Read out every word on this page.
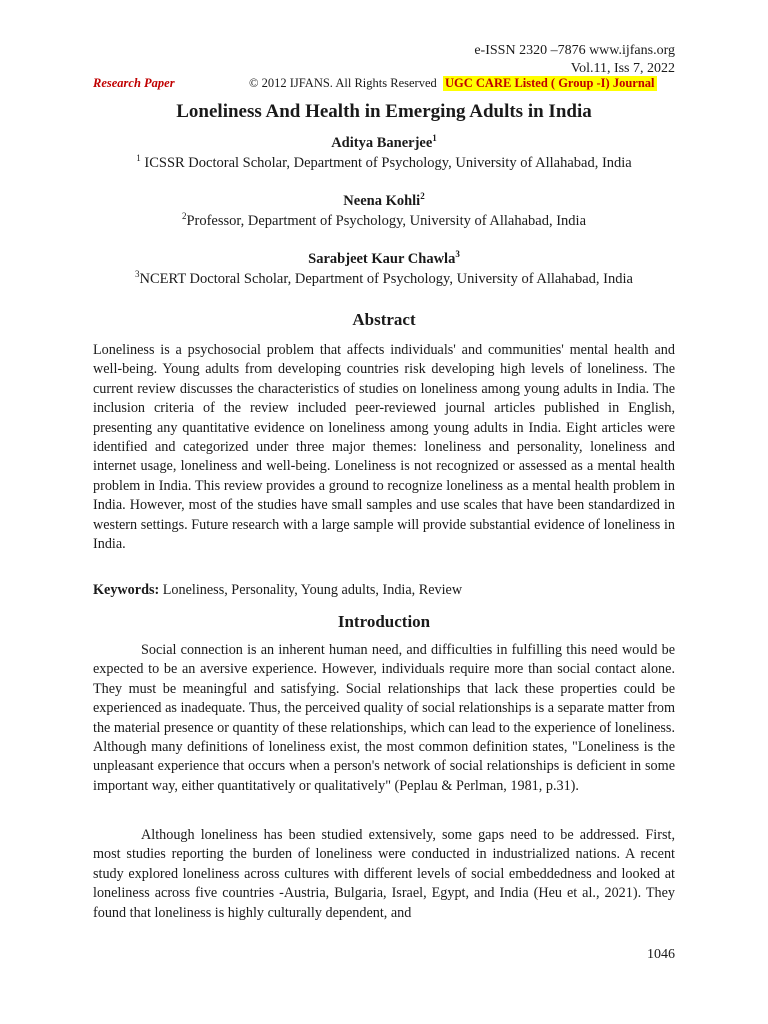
e-ISSN 2320 –7876 www.ijfans.org
Vol.11, Iss 7, 2022
Research Paper	© 2012 IJFANS. All Rights Reserved UGC CARE Listed ( Group -I) Journal
Loneliness And Health in Emerging Adults in India
Aditya Banerjee$^1$
$^1$ ICSSR Doctoral Scholar, Department of Psychology, University of Allahabad, India
Neena Kohli$^2$
$^2$Professor, Department of Psychology, University of Allahabad, India
Sarabjeet Kaur Chawla$^3$
$^3$NCERT Doctoral Scholar, Department of Psychology, University of Allahabad, India
Abstract

Loneliness is a psychosocial problem that affects individuals' and communities' mental health and well-being. Young adults from developing countries risk developing high levels of loneliness. The current review discusses the characteristics of studies on loneliness among young adults in India. The inclusion criteria of the review included peer-reviewed journal articles published in English, presenting any quantitative evidence on loneliness among young adults in India. Eight articles were identified and categorized under three major themes: loneliness and personality, loneliness and internet usage, loneliness and well-being. Loneliness is not recognized or assessed as a mental health problem in India. This review provides a ground to recognize loneliness as a mental health problem in India. However, most of the studies have small samples and use scales that have been standardized in western settings. Future research with a large sample will provide substantial evidence of loneliness in India.

Keywords: Loneliness, Personality, Young adults, India, Review
Introduction

Social connection is an inherent human need, and difficulties in fulfilling this need would be expected to be an aversive experience. However, individuals require more than social contact alone. They must be meaningful and satisfying. Social relationships that lack these properties could be experienced as inadequate. Thus, the perceived quality of social relationships is a separate matter from the material presence or quantity of these relationships, which can lead to the experience of loneliness. Although many definitions of loneliness exist, the most common definition states, "Loneliness is the unpleasant experience that occurs when a person's network of social relationships is deficient in some important way, either quantitatively or qualitatively" (Peplau & Perlman, 1981, p.31).

Although loneliness has been studied extensively, some gaps need to be addressed. First, most studies reporting the burden of loneliness were conducted in industrialized nations. A recent study explored loneliness across cultures with different levels of social embeddedness and looked at loneliness across five countries -Austria, Bulgaria, Israel, Egypt, and India (Heu et al., 2021). They found that loneliness is highly culturally dependent, and

1046
